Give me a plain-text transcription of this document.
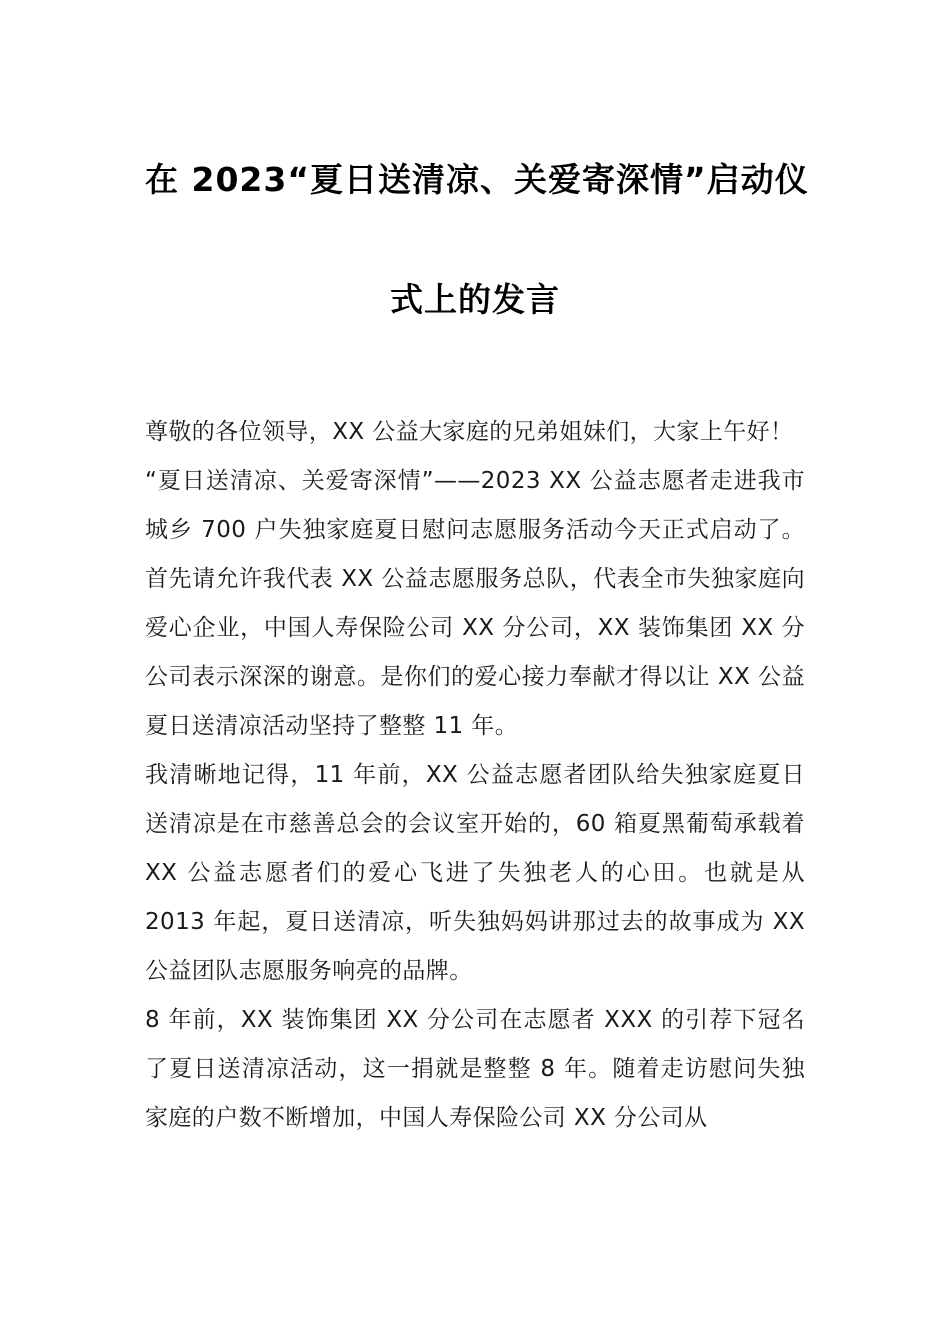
在 2023“夏日送清凉、关爱寄深情”启动仪
式上的发言

尊敬的各位领导，XX 公益大家庭的兄弟姐妹们，大家上午好！

“夏日送清凉、关爱寄深情”——2023 XX 公益志愿者走进我市城乡 700 户失独家庭夏日慰问志愿服务活动今天正式启动了。首先请允许我代表 XX 公益志愿服务总队，代表全市失独家庭向爱心企业，中国人寿保险公司 XX 分公司，XX 装饰集团 XX 分公司表示深深的谢意。是你们的爱心接力奉献才得以让 XX 公益夏日送清凉活动坚持了整整 11 年。

我清晰地记得，11 年前，XX 公益志愿者团队给失独家庭夏日送清凉是在市慈善总会的会议室开始的，60 箱夏黑葡萄承载着 XX 公益志愿者们的爱心飞进了失独老人的心田。也就是从 2013 年起，夏日送清凉，听失独妈妈讲那过去的故事成为 XX 公益团队志愿服务响亮的品牌。

8 年前，XX 装饰集团 XX 分公司在志愿者 XXX 的引荐下冠名了夏日送清凉活动，这一捐就是整整 8 年。随着走访慰问失独家庭的户数不断增加，中国人寿保险公司 XX 分公司从
